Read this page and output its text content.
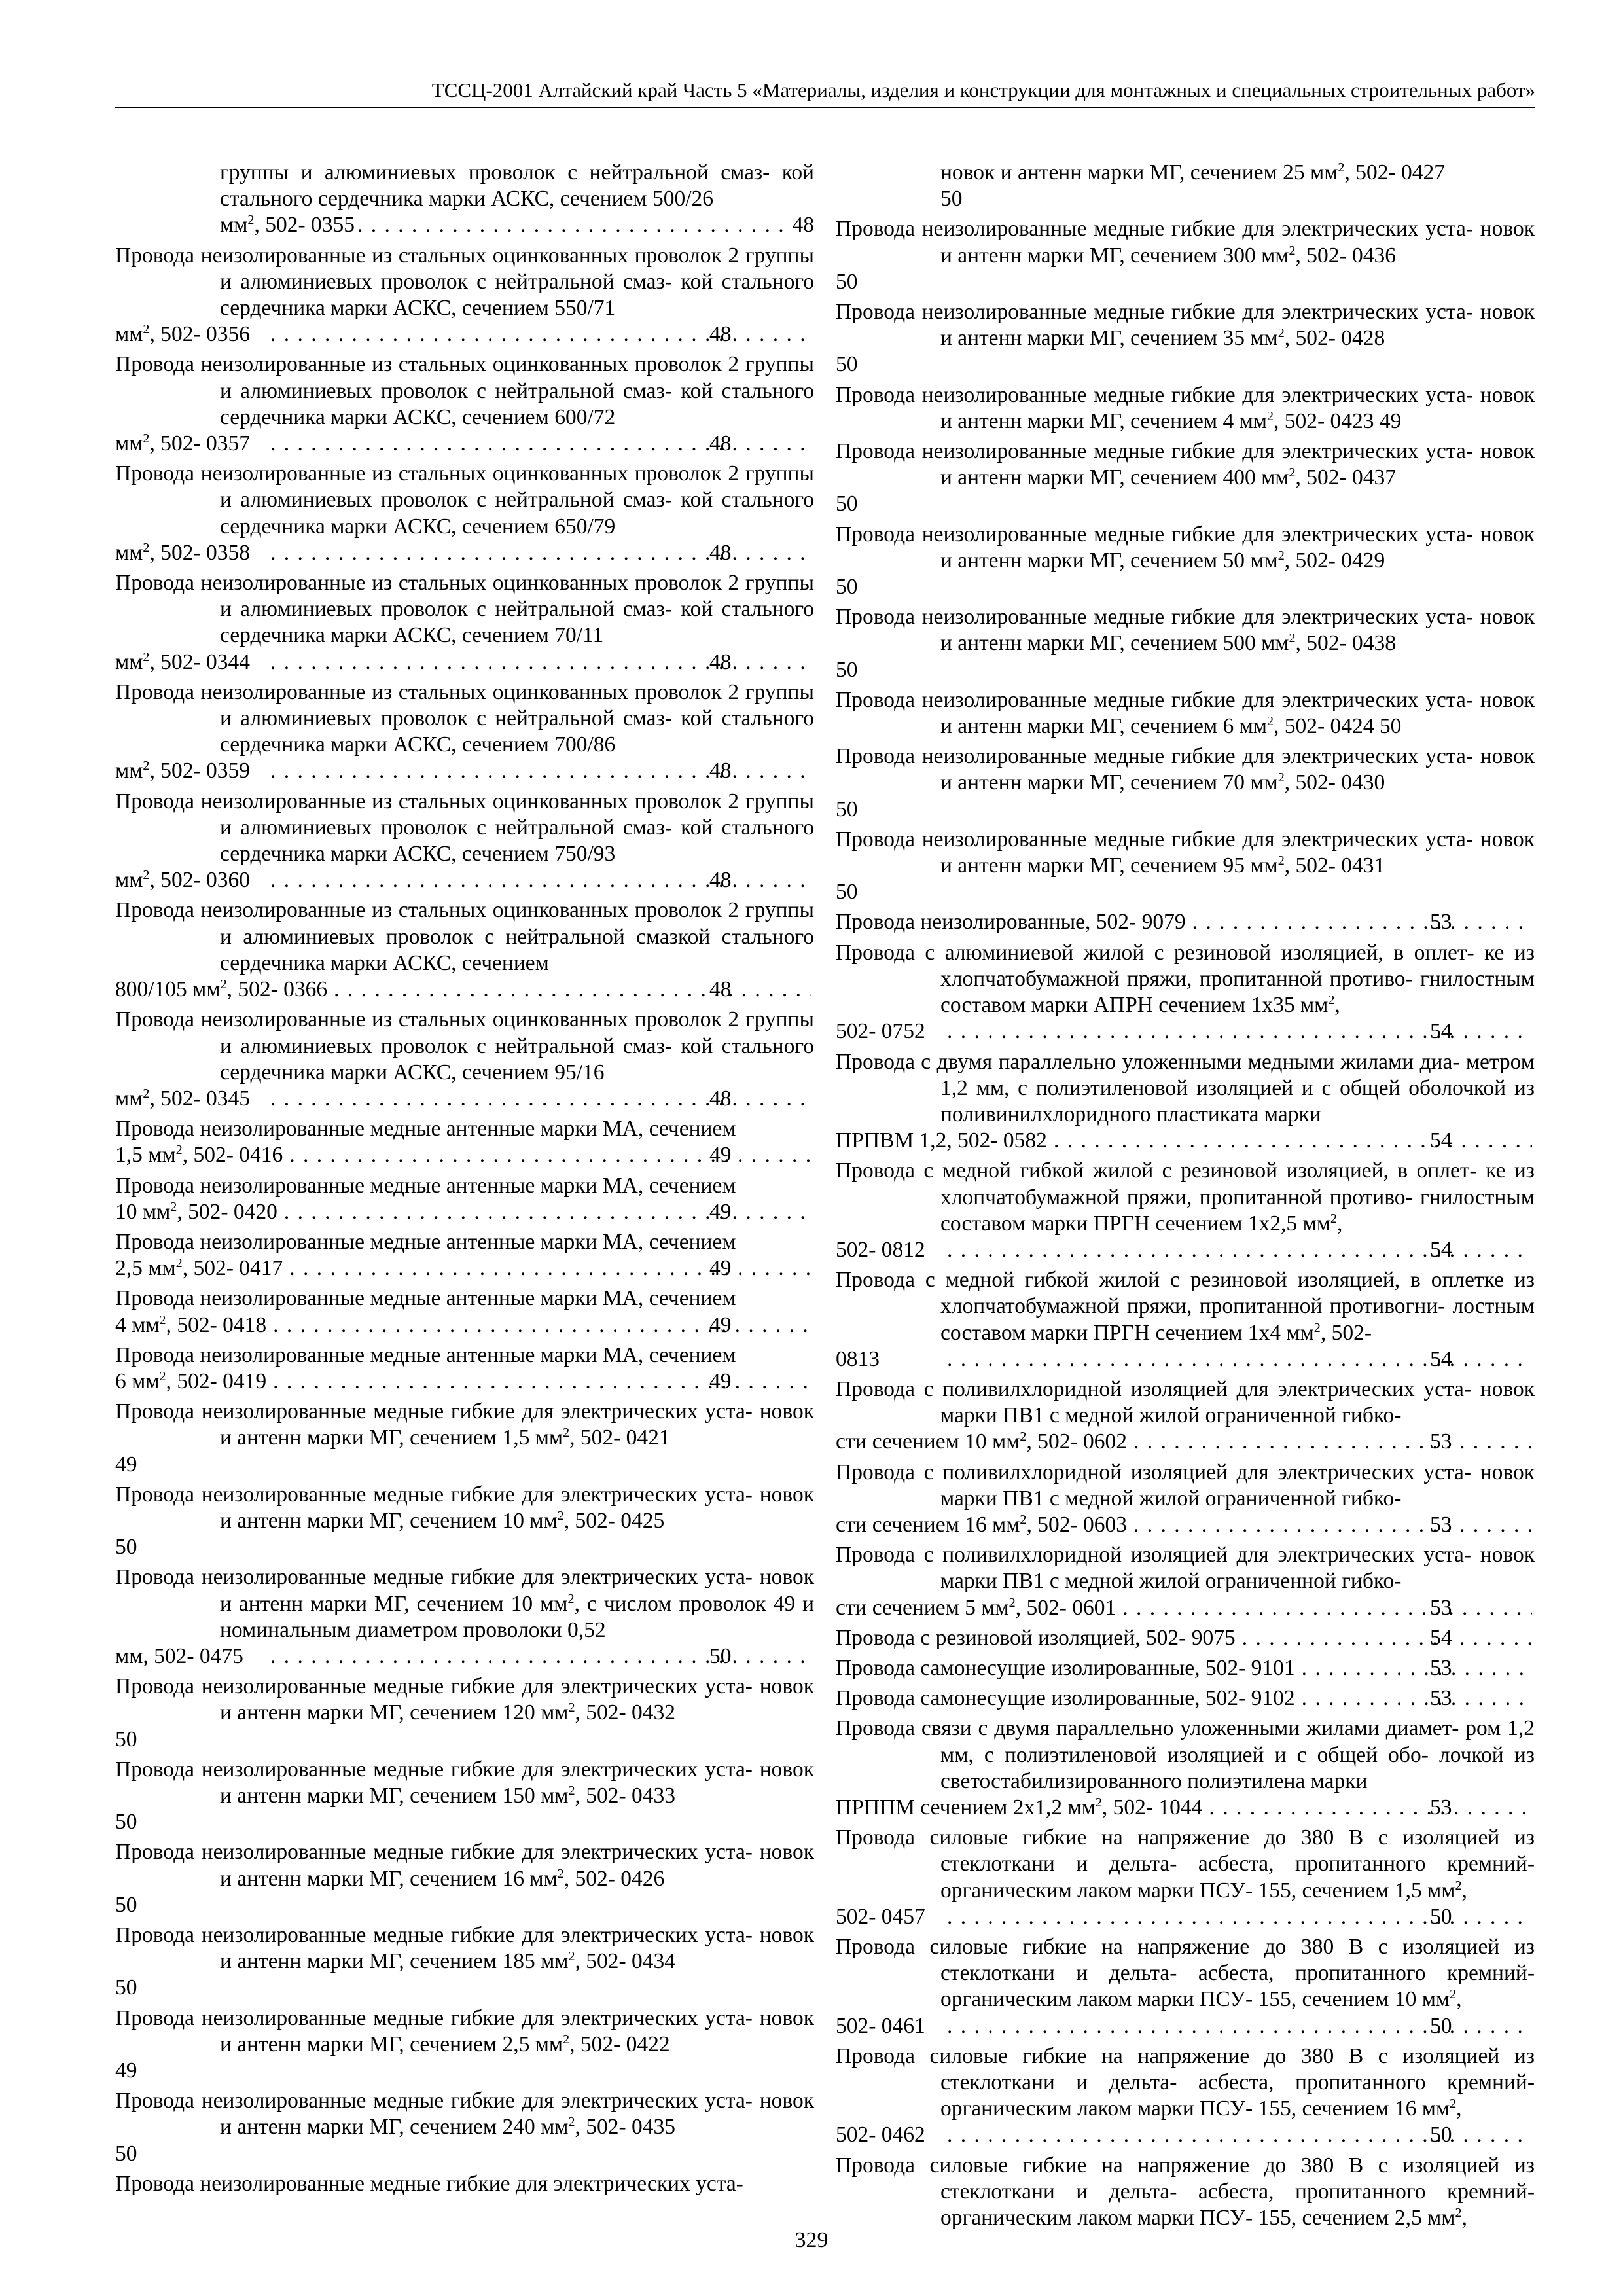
ТССЦ-2001 Алтайский край Часть 5 «Материалы, изделия и конструкции для монтажных и специальных строительных работ»
группы и алюминиевых проволок с нейтральной смаз- кой стального сердечника марки АСКС, сечением 500/26
$мм^2$, 502- 0355 . . .	48
Провода неизолированные из стальных оцинкованных проволок 2 группы и алюминиевых проволок с нейтральной смаз- кой стального сердечника марки АСКС, сечением 550/71
$мм^2$, 502- 0356 . . .	48
Провода неизолированные из стальных оцинкованных проволок 2 группы и алюминиевых проволок с нейтральной смаз- кой стального сердечника марки АСКС, сечением 600/72
$мм^2$, 502- 0357 . . .	48
Провода неизолированные из стальных оцинкованных проволок 2 группы и алюминиевых проволок с нейтральной смаз- кой стального сердечника марки АСКС, сечением 650/79
$мм^2$, 502- 0358 . . .	48
Провода неизолированные из стальных оцинкованных проволок 2 группы и алюминиевых проволок с нейтральной смаз- кой стального сердечника марки АСКС, сечением 70/11
$мм^2$, 502- 0344 . . .	48
Провода неизолированные из стальных оцинкованных проволок 2 группы и алюминиевых проволок с нейтральной смаз- кой стального сердечника марки АСКС, сечением 700/86
$мм^2$, 502- 0359 . . .	48
Провода неизолированные из стальных оцинкованных проволок 2 группы и алюминиевых проволок с нейтральной смаз- кой стального сердечника марки АСКС, сечением 750/93
$мм^2$, 502- 0360 . . .	48
Провода неизолированные из стальных оцинкованных проволок 2 группы и алюминиевых проволок с нейтральной смазкой стального сердечника марки АСКС, сечением
800/105 $мм^2$, 502- 0366 . . .	48
Провода неизолированные из стальных оцинкованных проволок 2 группы и алюминиевых проволок с нейтральной смаз- кой стального сердечника марки АСКС, сечением 95/16
$мм^2$, 502- 0345 . . .	48
Провода неизолированные медные антенные марки МА, сечением
1,5 $мм^2$, 502- 0416 . . .	49
Провода неизолированные медные антенные марки МА, сечением
10 $мм^2$, 502- 0420 . . .	49
Провода неизолированные медные антенные марки МА, сечением
2,5 $мм^2$, 502- 0417 . . .	49
Провода неизолированные медные антенные марки МА, сечением
4 $мм^2$, 502- 0418 . . .	49
Провода неизолированные медные антенные марки МА, сечением
6 $мм^2$, 502- 0419 . . .	49
Провода неизолированные медные гибкие для электрических уста- новок и антенн марки МГ, сечением 1,5 $мм^2$, 502- 0421
49
Провода неизолированные медные гибкие для электрических уста- новок и антенн марки МГ, сечением 10 $мм^2$, 502- 0425
50
Провода неизолированные медные гибкие для электрических уста- новок и антенн марки МГ, сечением 10 $мм^2$, с числом проволок 49 и номинальным диаметром проволоки 0,52
мм, 502- 0475 . . .	50
Провода неизолированные медные гибкие для электрических уста- новок и антенн марки МГ, сечением 120 $мм^2$, 502- 0432
50
Провода неизолированные медные гибкие для электрических уста- новок и антенн марки МГ, сечением 150 $мм^2$, 502- 0433
50
Провода неизолированные медные гибкие для электрических уста- новок и антенн марки МГ, сечением 16 $мм^2$, 502- 0426
50
Провода неизолированные медные гибкие для электрических уста- новок и антенн марки МГ, сечением 185 $мм^2$, 502- 0434
50
Провода неизолированные медные гибкие для электрических уста- новок и антенн марки МГ, сечением 2,5 $мм^2$, 502- 0422
49
Провода неизолированные медные гибкие для электрических уста- новок и антенн марки МГ, сечением 240 $мм^2$, 502- 0435
50
Провода неизолированные медные гибкие для электрических уста-
новок и антенн марки МГ, сечением 25 $мм^2$, 502- 0427
50
Провода неизолированные медные гибкие для электрических уста- новок и антенн марки МГ, сечением 300 $мм^2$, 502- 0436
50
Провода неизолированные медные гибкие для электрических уста- новок и антенн марки МГ, сечением 35 $мм^2$, 502- 0428
50
Провода неизолированные медные гибкие для электрических уста- новок и антенн марки МГ, сечением 4 $мм^2$, 502- 0423 49
Провода неизолированные медные гибкие для электрических уста- новок и антенн марки МГ, сечением 400 $мм^2$, 502- 0437
50
Провода неизолированные медные гибкие для электрических уста- новок и антенн марки МГ, сечением 50 $мм^2$, 502- 0429
50
Провода неизолированные медные гибкие для электрических уста- новок и антенн марки МГ, сечением 500 $мм^2$, 502- 0438
50
Провода неизолированные медные гибкие для электрических уста- новок и антенн марки МГ, сечением 6 $мм^2$, 502- 0424 50
Провода неизолированные медные гибкие для электрических уста- новок и антенн марки МГ, сечением 70 $мм^2$, 502- 0430
50
Провода неизолированные медные гибкие для электрических уста- новок и антенн марки МГ, сечением 95 $мм^2$, 502- 0431
50
Провода неизолированные, 502- 9079 . . .	53
Провода с алюминиевой жилой с резиновой изоляцией, в оплет- ке из хлопчатобумажной пряжи, пропитанной противо- гнилостным составом марки АПРН сечением 1х35 $мм^2$,
502- 0752 . . .	54
Провода с двумя параллельно уложенными медными жилами диа- метром 1,2 мм, с полиэтиленовой изоляцией и с общей оболочкой из поливинилхлоридного пластиката марки
ПРПВМ 1,2, 502- 0582 . . .	54
Провода с медной гибкой жилой с резиновой изоляцией, в оплет- ке из хлопчатобумажной пряжи, пропитанной противо- гнилостным составом марки ПРГН сечением 1х2,5 $мм^2$,
502- 0812 . . .	54
Провода с медной гибкой жилой с резиновой изоляцией, в оплетке из хлопчатобумажной пряжи, пропитанной противогни- лостным составом марки ПРГН сечением 1х4 $мм^2$, 502-
0813 . . .	54
Провода с поливилхлоридной изоляцией для электрических уста- новок марки ПВ1 с медной жилой ограниченной гибко-
сти сечением 10 $мм^2$, 502- 0602 . . .	53
Провода с поливилхлоридной изоляцией для электрических уста- новок марки ПВ1 с медной жилой ограниченной гибко-
сти сечением 16 $мм^2$, 502- 0603 . . .	53
Провода с поливилхлоридной изоляцией для электрических уста- новок марки ПВ1 с медной жилой ограниченной гибко-
сти сечением 5 $мм^2$, 502- 0601 . . .	53
Провода с резиновой изоляцией, 502- 9075 . . .	54
Провода самонесущие изолированные, 502- 9101 . . .	53
Провода самонесущие изолированные, 502- 9102 . . .	53
Провода связи с двумя параллельно уложенными жилами диамет- ром 1,2 мм, с полиэтиленовой изоляцией и с общей обо- лочкой из светостабилизированного полиэтилена марки
ПРППМ сечением 2х1,2 $мм^2$, 502- 1044 . . .	53
Провода силовые гибкие на напряжение до 380 В с изоляцией из стеклоткани и дельта- асбеста, пропитанного кремний- органическим лаком марки ПСУ- 155, сечением 1,5 $мм^2$,
502- 0457 . . .	50
Провода силовые гибкие на напряжение до 380 В с изоляцией из стеклоткани и дельта- асбеста, пропитанного кремний- органическим лаком марки ПСУ- 155, сечением 10 $мм^2$,
502- 0461 . . .	50
Провода силовые гибкие на напряжение до 380 В с изоляцией из стеклоткани и дельта- асбеста, пропитанного кремний- органическим лаком марки ПСУ- 155, сечением 16 $мм^2$,
502- 0462 . . .	50
Провода силовые гибкие на напряжение до 380 В с изоляцией из стеклоткани и дельта- асбеста, пропитанного кремний- органическим лаком марки ПСУ- 155, сечением 2,5 $мм^2$,
329
